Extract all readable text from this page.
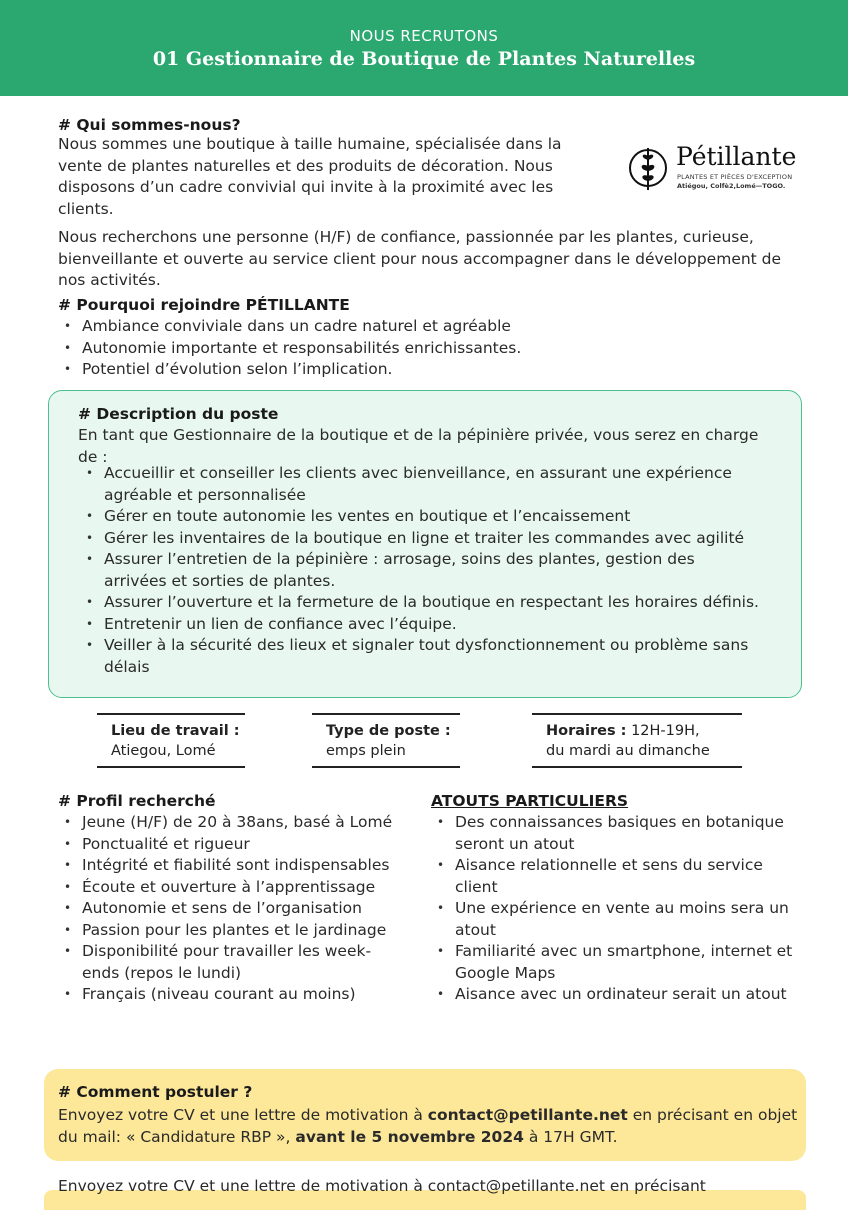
NOUS RECRUTONS
01 Gestionnaire de Boutique de Plantes Naturelles
# Qui sommes-nous?
Nous sommes une boutique à taille humaine, spécialisée dans la vente de plantes naturelles et des produits de décoration. Nous disposons d’un cadre convivial qui invite à la proximité avec les clients.
Nous recherchons une personne (H/F) de confiance, passionnée par les plantes, curieuse, bienveillante et ouverte au service client pour nous accompagner dans le développement de nos activités.
Pétillante
PLANTES ET PIÈCES D'EXCEPTION
Atiégou, Colfè2,Lomé—TOGO.
# Pourquoi rejoindre PÉTILLANTE
• Ambiance conviviale dans un cadre naturel et agréable
• Autonomie importante et responsabilités enrichissantes.
• Potentiel d’évolution selon l’implication.
# Description du poste
En tant que Gestionnaire de la boutique et de la pépinière privée, vous serez en charge de :
• Accueillir et conseiller les clients avec bienveillance, en assurant une expérience agréable et personnalisée
• Gérer en toute autonomie les ventes en boutique et l’encaissement
• Gérer les inventaires de la boutique en ligne et traiter les commandes avec agilité
• Assurer l’entretien de la pépinière : arrosage, soins des plantes, gestion des arrivées et sorties de plantes.
• Assurer l’ouverture et la fermeture de la boutique en respectant les horaires définis.
• Entretenir un lien de confiance avec l’équipe.
• Veiller à la sécurité des lieux et signaler tout dysfonctionnement ou problème sans délais
Lieu de travail :
Atiegou, Lomé
Type de poste :
emps plein
Horaires : 12H-19H,
du mardi au dimanche
# Profil recherché
• Jeune (H/F) de 20 à 38ans, basé à Lomé
• Ponctualité et rigueur
• Intégrité et fiabilité sont indispensables
• Écoute et ouverture à l’apprentissage
• Autonomie et sens de l’organisation
• Passion pour les plantes et le jardinage
• Disponibilité pour travailler les week-ends (repos le lundi)
• Français (niveau courant au moins)
ATOUTS PARTICULIERS
• Des connaissances basiques en botanique seront un atout
• Aisance relationnelle et sens du service client
• Une expérience en vente au moins sera un atout
• Familiarité avec un smartphone, internet et Google Maps
• Aisance avec un ordinateur serait un atout
# Comment postuler ?
Envoyez votre CV et une lettre de motivation à contact@petillante.net en précisant en objet du mail: « Candidature RBP », avant le 5 novembre 2024 à 17H GMT.
Envoyez votre CV et une lettre de motivation à contact@petillante.net en précisant
